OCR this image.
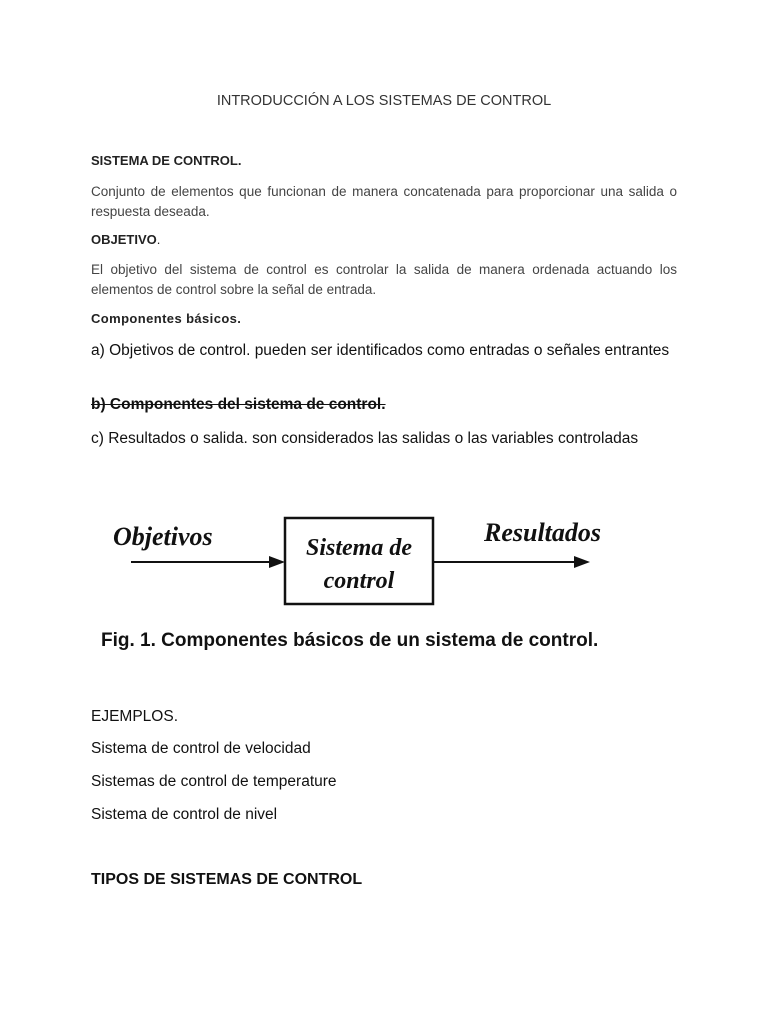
INTRODUCCIÓN A LOS SISTEMAS DE CONTROL
SISTEMA DE CONTROL.
Conjunto de elementos que funcionan de manera concatenada para proporcionar una salida o respuesta deseada.
OBJETIVO.
El objetivo del sistema de control es controlar la salida de manera ordenada actuando los elementos de control sobre la señal de entrada.
Componentes básicos.
a) Objetivos de control. pueden ser identificados como entradas o señales entrantes
b) Componentes del sistema de control.
c) Resultados o salida. son considerados las salidas o las variables controladas
Objetivos	Sistema de
control
Resultados
Fig. 1. Componentes básicos de un sistema de control.
EJEMPLOS.
Sistema de control de velocidad
Sistemas de control de temperature
Sistema de control de nivel
TIPOS DE SISTEMAS DE CONTROL
